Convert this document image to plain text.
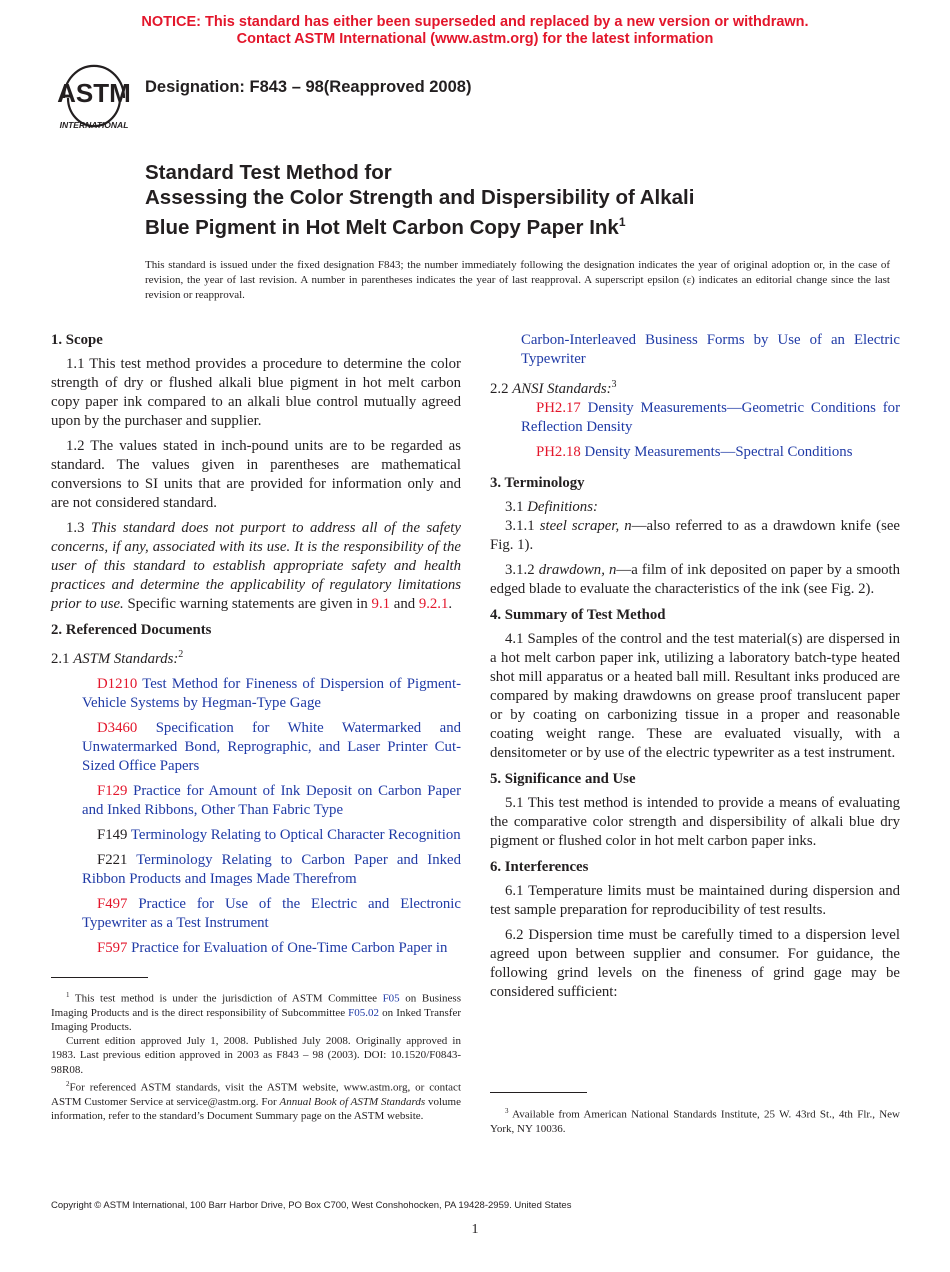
NOTICE: This standard has either been superseded and replaced by a new version or withdrawn.
Contact ASTM International (www.astm.org) for the latest information
ASTM
INTERNATIONAL
Designation: F843 – 98(Reapproved 2008)
Standard Test Method for
Assessing the Color Strength and Dispersibility of Alkali
Blue Pigment in Hot Melt Carbon Copy Paper Ink$^1$
This standard is issued under the fixed designation F843; the number immediately following the designation indicates the year of original adoption or, in the case of revision, the year of last revision. A number in parentheses indicates the year of last reapproval. A superscript epsilon (ε) indicates an editorial change since the last revision or reapproval.
1. Scope

1.1 This test method provides a procedure to determine the color strength of dry or flushed alkali blue pigment in hot melt carbon copy paper ink compared to an alkali blue control mutually agreed upon by the purchaser and supplier.

1.2 The values stated in inch-pound units are to be regarded as standard. The values given in parentheses are mathematical conversions to SI units that are provided for information only and are not considered standard.

1.3 This standard does not purport to address all of the safety concerns, if any, associated with its use. It is the responsibility of the user of this standard to establish appropriate safety and health practices and determine the applicability of regulatory limitations prior to use. Specific warning statements are given in 9.1 and 9.2.1.

2. Referenced Documents

2.1 ASTM Standards:$^2$

D1210 Test Method for Fineness of Dispersion of Pigment-Vehicle Systems by Hegman-Type Gage

D3460 Specification for White Watermarked and Unwatermarked Bond, Reprographic, and Laser Printer Cut-Sized Office Papers

F129 Practice for Amount of Ink Deposit on Carbon Paper and Inked Ribbons, Other Than Fabric Type

F149 Terminology Relating to Optical Character Recognition

F221 Terminology Relating to Carbon Paper and Inked Ribbon Products and Images Made Therefrom

F497 Practice for Use of the Electric and Electronic Typewriter as a Test Instrument

F597 Practice for Evaluation of One-Time Carbon Paper in

$^1$ This test method is under the jurisdiction of ASTM Committee F05 on Business Imaging Products and is the direct responsibility of Subcommittee F05.02 on Inked Transfer Imaging Products.

Current edition approved July 1, 2008. Published July 2008. Originally approved in 1983. Last previous edition approved in 2003 as F843 – 98 (2003). DOI: 10.1520/F0843-98R08.

$^2$For referenced ASTM standards, visit the ASTM website, www.astm.org, or contact ASTM Customer Service at service@astm.org. For Annual Book of ASTM Standards volume information, refer to the standard’s Document Summary page on the ASTM website.

Carbon-Interleaved Business Forms by Use of an Electric Typewriter

2.2 ANSI Standards:$^3$

PH2.17 Density Measurements—Geometric Conditions for Reflection Density

PH2.18 Density Measurements—Spectral Conditions

3. Terminology

3.1 Definitions:

3.1.1 steel scraper, n—also referred to as a drawdown knife (see Fig. 1).

3.1.2 drawdown, n—a film of ink deposited on paper by a smooth edged blade to evaluate the characteristics of the ink (see Fig. 2).

4. Summary of Test Method

4.1 Samples of the control and the test material(s) are dispersed in a hot melt carbon paper ink, utilizing a laboratory batch-type heated shot mill apparatus or a heated ball mill. Resultant inks produced are compared by making drawdowns on grease proof translucent paper or by coating on carbonizing tissue in a proper and reasonable coating weight range. These are evaluated visually, with a densitometer or by use of the electric typewriter as a test instrument.

5. Significance and Use

5.1 This test method is intended to provide a means of evaluating the comparative color strength and dispersibility of alkali blue dry pigment or flushed color in hot melt carbon paper inks.

6. Interferences

6.1 Temperature limits must be maintained during dispersion and test sample preparation for reproducibility of test results.

6.2 Dispersion time must be carefully timed to a dispersion level agreed upon between supplier and consumer. For guidance, the following grind levels on the fineness of grind gage may be considered sufficient:

$^3$ Available from American National Standards Institute, 25 W. 43rd St., 4th Flr., New York, NY 10036.

Copyright © ASTM International, 100 Barr Harbor Drive, PO Box C700, West Conshohocken, PA 19428-2959. United States
1
